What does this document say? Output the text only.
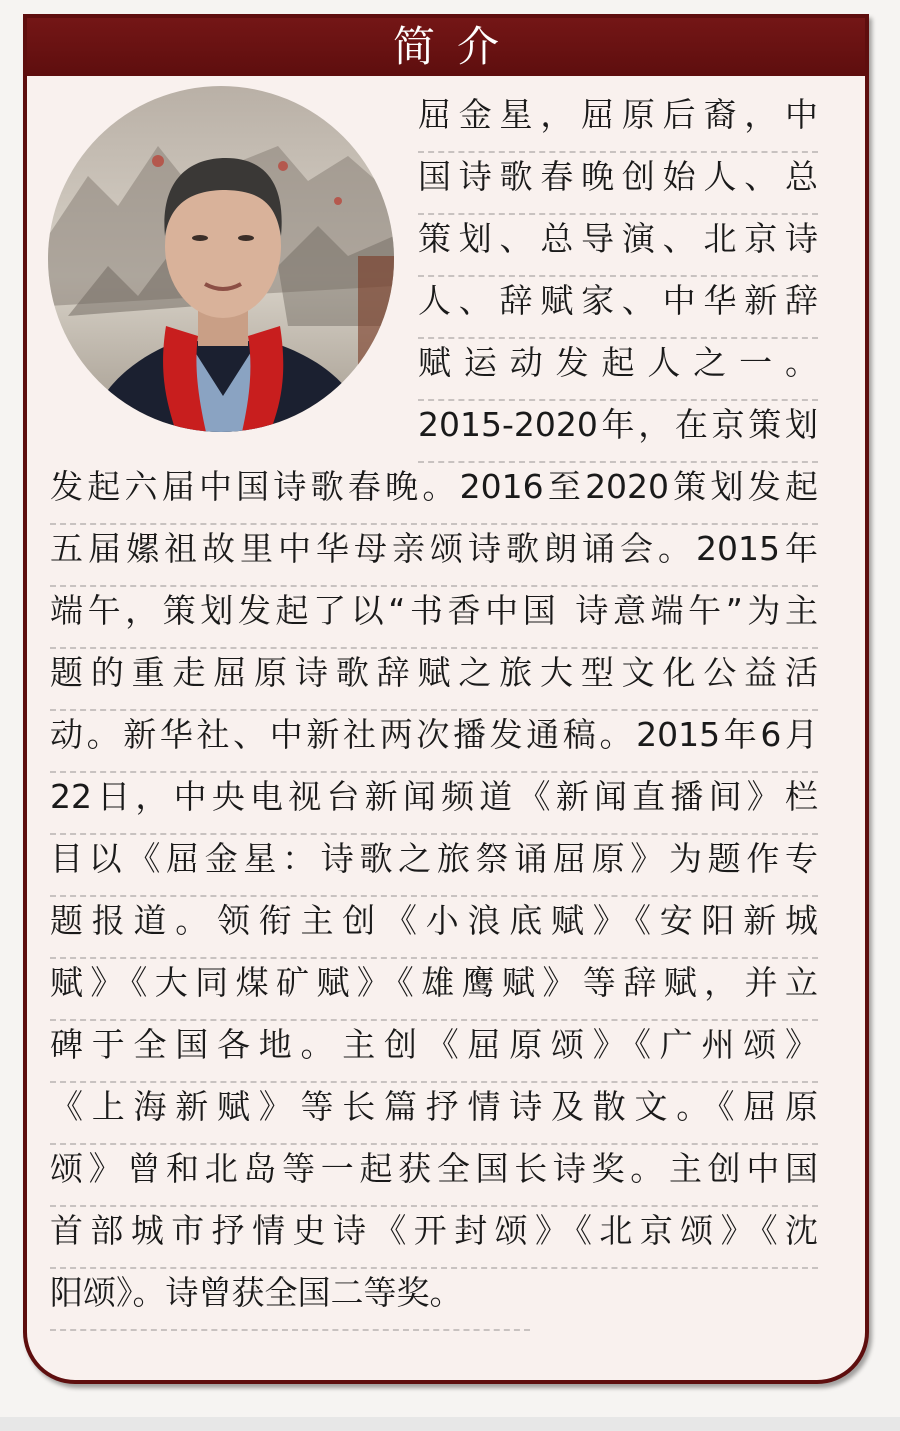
简介
屈金星，屈原后裔，中
国诗歌春晚创始人、总
策划、总导演、北京诗
人、辞赋家、中华新辞
赋运动发起人之一。
2015-2020年，在京策划
发起六届中国诗歌春晚。2016至2020策划发起
五届嫘祖故里中华母亲颂诗歌朗诵会。2015年
端午，策划发起了以“书香中国 诗意端午”为主
题的重走屈原诗歌辞赋之旅大型文化公益活
动。新华社、中新社两次播发通稿。2015年6月
22日，中央电视台新闻频道《新闻直播间》栏
目以《屈金星：诗歌之旅祭诵屈原》为题作专
题报道。领衔主创《小浪底赋》《安阳新城
赋》《大同煤矿赋》《雄鹰赋》等辞赋，并立
碑于全国各地。主创《屈原颂》《广州颂》
《上海新赋》等长篇抒情诗及散文。《屈原
颂》曾和北岛等一起获全国长诗奖。主创中国
首部城市抒情史诗《开封颂》《北京颂》《沈
阳颂》。诗曾获全国二等奖。
